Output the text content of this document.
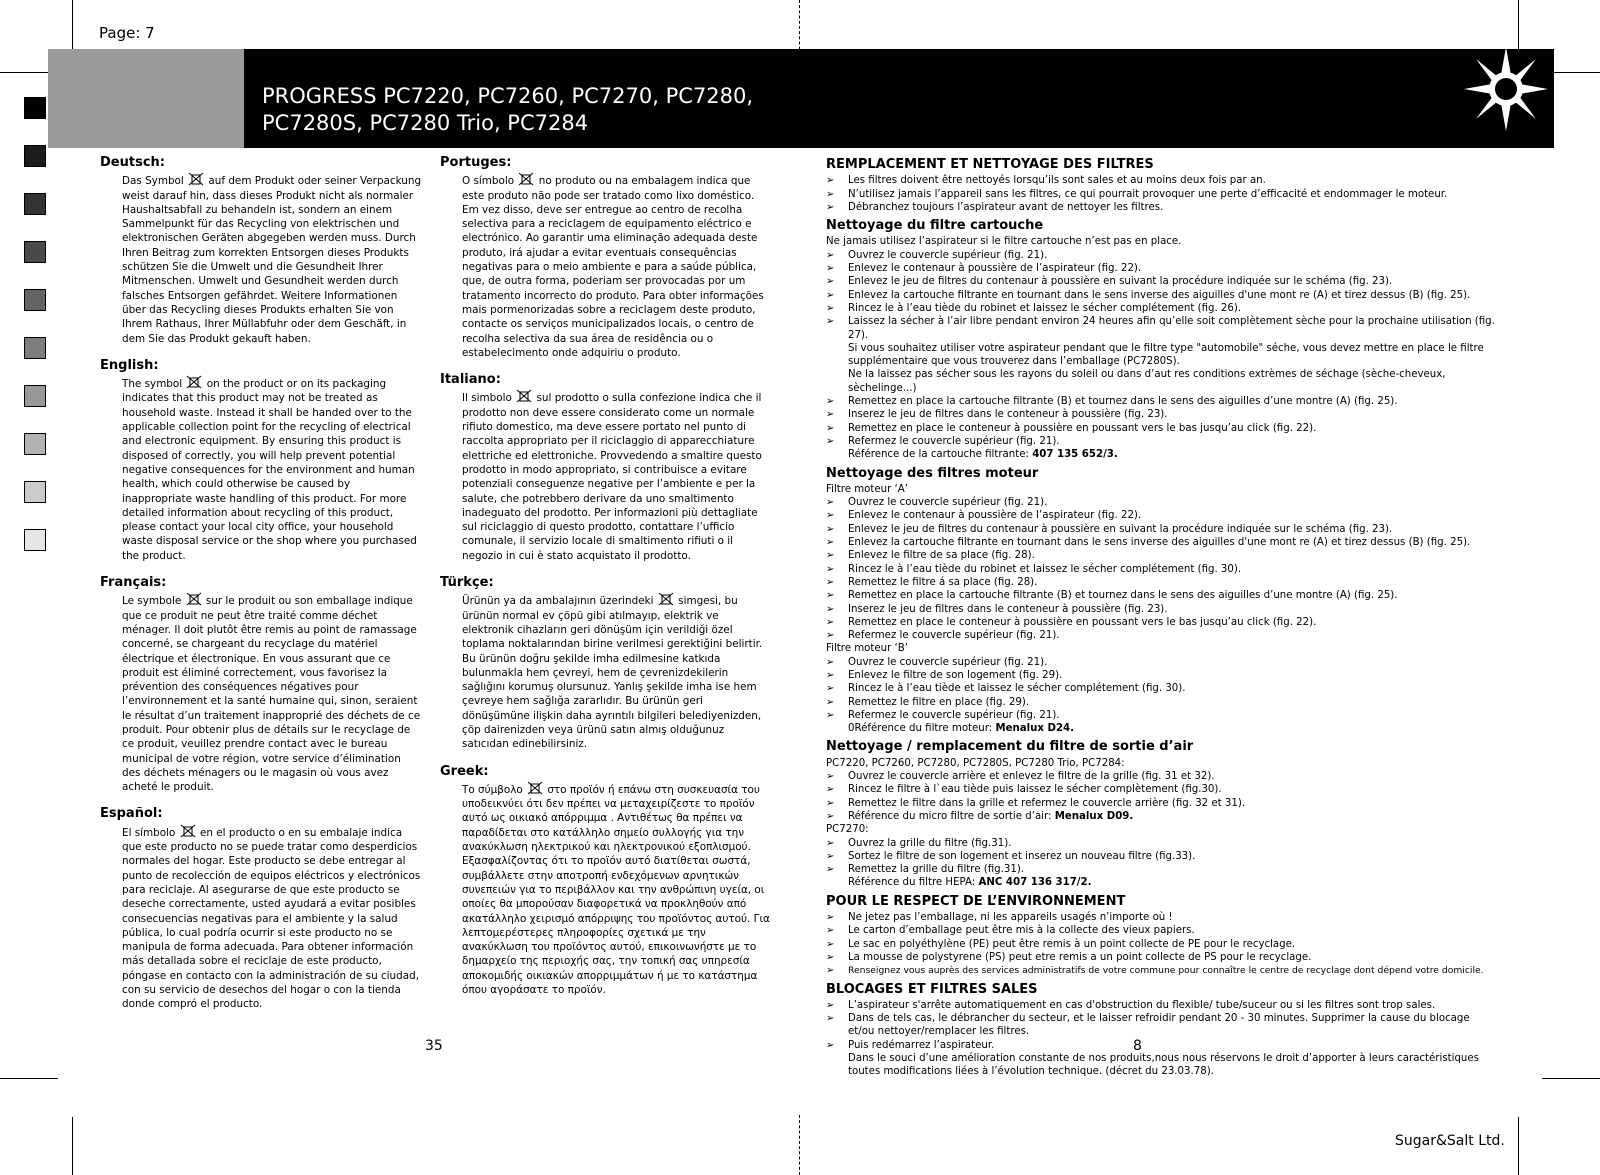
Page: 7
PROGRESS PC7220, PC7260, PC7270, PC7280,
PC7280S, PC7280 Trio, PC7284
Deutsch:

Das Symbol auf dem Produkt oder seiner Verpackung weist darauf hin, dass dieses Produkt nicht als normaler Haushaltsabfall zu behandeln ist, sondern an einem Sammelpunkt für das Recycling von elektrischen und elektronischen Geräten abgegeben werden muss. Durch Ihren Beitrag zum korrekten Entsorgen dieses Produkts schützen Sie die Umwelt und die Gesundheit Ihrer Mitmenschen. Umwelt und Gesundheit werden durch falsches Entsorgen gefährdet. Weitere Informationen über das Recycling dieses Produkts erhalten Sie von Ihrem Rathaus, Ihrer Müllabfuhr oder dem Geschäft, in dem Sie das Produkt gekauft haben.

English:

The symbol on the product or on its packaging indicates that this product may not be treated as household waste. Instead it shall be handed over to the applicable collection point for the recycling of electrical and electronic equipment. By ensuring this product is disposed of correctly, you will help prevent potential negative consequences for the environment and human health, which could otherwise be caused by inappropriate waste handling of this product. For more detailed information about recycling of this product, please contact your local city office, your household waste disposal service or the shop where you purchased the product.

Français:

Le symbole sur le produit ou son emballage indique que ce produit ne peut être traité comme déchet ménager. Il doit plutôt être remis au point de ramassage concerné, se chargeant du recyclage du matériel électrique et électronique. En vous assurant que ce produit est éliminé correctement, vous favorisez la prévention des conséquences négatives pour l’environnement et la santé humaine qui, sinon, seraient le résultat d’un traitement inapproprié des déchets de ce produit. Pour obtenir plus de détails sur le recyclage de ce produit, veuillez prendre contact avec le bureau municipal de votre région, votre service d’élimination des déchets ménagers ou le magasin où vous avez acheté le produit.

Español:

El símbolo en el producto o en su embalaje indica que este producto no se puede tratar como desperdicios normales del hogar. Este producto se debe entregar al punto de recolección de equipos eléctricos y electrónicos para reciclaje. Al asegurarse de que este producto se deseche correctamente, usted ayudará a evitar posibles consecuencias negativas para el ambiente y la salud pública, lo cual podría ocurrir si este producto no se manipula de forma adecuada. Para obtener información más detallada sobre el reciclaje de este producto, póngase en contacto con la administración de su ciudad, con su servicio de desechos del hogar o con la tienda donde compró el producto.

Portuges:

O símbolo no produto ou na embalagem indica que este produto não pode ser tratado como lixo doméstico. Em vez disso, deve ser entregue ao centro de recolha selectiva para a reciclagem de equipamento eléctrico e electrónico. Ao garantir uma eliminação adequada deste produto, irá ajudar a evitar eventuais consequências negativas para o meio ambiente e para a saúde pública, que, de outra forma, poderiam ser provocadas por um tratamento incorrecto do produto. Para obter informações mais pormenorizadas sobre a reciclagem deste produto, contacte os serviços municipalizados locais, o centro de recolha selectiva da sua área de residência ou o estabelecimento onde adquiriu o produto.

Italiano:

Il simbolo sul prodotto o sulla confezione indica che il prodotto non deve essere considerato come un normale rifiuto domestico, ma deve essere portato nel punto di raccolta appropriato per il riciclaggio di apparecchiature elettriche ed elettroniche. Provvedendo a smaltire questo prodotto in modo appropriato, si contribuisce a evitare potenziali conseguenze negative per l’ambiente e per la salute, che potrebbero derivare da uno smaltimento inadeguato del prodotto. Per informazioni più dettagliate sul riciclaggio di questo prodotto, contattare l’ufficio comunale, il servizio locale di smaltimento rifiuti o il negozio in cui è stato acquistato il prodotto.

Türkçe:

Ürünün ya da ambalajının üzerindeki simgesi, bu ürünün normal ev çöpü gibi atılmayıp, elektrik ve elektronik cihazların geri dönüşüm için verildiği özel toplama noktalarından birine verilmesi gerektiğini belirtir. Bu ürünün doğru şekilde imha edilmesine katkıda bulunmakla hem çevreyi, hem de çevrenizdekilerin sağlığını korumuş olursunuz. Yanlış şekilde imha ise hem çevreye hem sağlığa zararlıdır. Bu ürünün geri dönüşümüne ilişkin daha ayrıntılı bilgileri belediyenizden, çöp dairenizden veya ürünü satın almış olduğunuz satıcıdan edinebilirsiniz.

Greek:

Το σύμβολο στο προϊόν ή επάνω στη συσκευασία του υποδεικνύει ότι δεν πρέπει να μεταχειρίζεστε το προϊόν αυτό ως οικιακό απόρριμμα . Αντιθέτως θα πρέπει να παραδίδεται στο κατάλληλο σημείο συλλογής για την ανακύκλωση ηλεκτρικού και ηλεκτρονικού εξοπλισμού. Εξασφαλίζοντας ότι το προϊόν αυτό διατίθεται σωστά, συμβάλλετε στην αποτροπή ενδεχόμενων αρνητικών συνεπειών για το περιβάλλον και την ανθρώπινη υγεία, οι οποίες θα μπορούσαν διαφορετικά να προκληθούν από ακατάλληλο χειρισμό απόρριψης του προϊόντος αυτού. Για λεπτομερέστερες πληροφορίες σχετικά με την ανακύκλωση του προϊόντος αυτού, επικοινωνήστε με το δημαρχείο της περιοχής σας, την τοπική σας υπηρεσία αποκομιδής οικιακών απορριμμάτων ή με το κατάστημα όπου αγοράσατε το προϊόν.

REMPLACEMENT ET NETTOYAGE DES FILTRES

➢ Les filtres doivent être nettoyés lorsqu’ils sont sales et au moins deux fois par an.

➢ N’utilisez jamais l’appareil sans les filtres, ce qui pourrait provoquer une perte d’efficacité et endommager le moteur.

➢ Débranchez toujours l’aspirateur avant de nettoyer les filtres.

Nettoyage du filtre cartouche

Ne jamais utilisez l’aspirateur si le filtre cartouche n’est pas en place.

➢ Ouvrez le couvercle supérieur (fig. 21).

➢ Enlevez le contenaur à poussière de l’aspirateur (fig. 22).

➢ Enlevez le jeu de filtres du contenaur à poussière en suivant la procédure indiquée sur le schéma (fig. 23).

➢ Enlevez la cartouche filtrante en tournant dans le sens inverse des aiguilles d'une mont re (A) et tirez dessus (B) (fig. 25).

➢ Rincez le à l’eau tiède du robinet et laissez le sécher complétement (fig. 26).

➢ Laissez la sécher à l’air libre pendant environ 24 heures afin qu’elle soit complètement sèche pour la prochaine utilisation (fig. 27).

Si vous souhaitez utiliser votre aspirateur pendant que le filtre type "automobile" séche, vous devez mettre en place le filtre

supplémentaire que vous trouverez dans l’emballage (PC7280S).

Ne la laissez pas sécher sous les rayons du soleil ou dans d’aut res conditions extrèmes de séchage (sèche-cheveux,

sèchelinge...)

➢ Remettez en place la cartouche filtrante (B) et tournez dans le sens des aiguilles d’une montre (A) (fig. 25).

➢ Inserez le jeu de filtres dans le conteneur à poussière (fig. 23).

➢ Remettez en place le conteneur à poussière en poussant vers le bas jusqu’au click (fig. 22).

➢ Refermez le couvercle supérieur (fig. 21).

Référence de la cartouche filtrante: 407 135 652/3.

Nettoyage des filtres moteur

Filtre moteur ‘A’

➢ Ouvrez le couvercle supérieur (fig. 21).

➢ Enlevez le contenaur à poussière de l’aspirateur (fig. 22).

➢ Enlevez le jeu de filtres du contenaur à poussière en suivant la procédure indiquée sur le schéma (fig. 23).

➢ Enlevez la cartouche filtrante en tournant dans le sens inverse des aiguilles d'une mont re (A) et tirez dessus (B) (fig. 25).

➢ Enlevez le filtre de sa place (fig. 28).

➢ Rincez le à l’eau tiède du robinet et laissez le sécher complétement (fig. 30).

➢ Remettez le filtre á sa place (fig. 28).

➢ Remettez en place la cartouche filtrante (B) et tournez dans le sens des aiguilles d’une montre (A) (fig. 25).

➢ Inserez le jeu de filtres dans le conteneur à poussière (fig. 23).

➢ Remettez en place le conteneur à poussière en poussant vers le bas jusqu’au click (fig. 22).

➢ Refermez le couvercle supérieur (fig. 21).

Filtre moteur ‘B’

➢ Ouvrez le couvercle supérieur (fig. 21).

➢ Enlevez le filtre de son logement (fig. 29).

➢ Rincez le à l’eau tiède et laissez le sécher complétement (fig. 30).

➢ Remettez le filtre en place (fig. 29).

➢ Refermez le couvercle supérieur (fig. 21).

0Référence du filtre moteur: Menalux D24.

Nettoyage / remplacement du filtre de sortie d’air

PC7220, PC7260, PC7280, PC7280S, PC7280 Trio, PC7284:

➢ Ouvrez le couvercle arrière et enlevez le filtre de la grille (fig. 31 et 32).

➢ Rincez le filtre à l`eau tiède puis laissez le sécher complètement (fig.30).

➢ Remettez le filtre dans la grille et refermez le couvercle arrière (fig. 32 et 31).

➢ Référence du micro filtre de sortie d’air: Menalux D09.

PC7270:

➢ Ouvrez la grille du filtre (fig.31).

➢ Sortez le filtre de son logement et inserez un nouveau filtre (fig.33).

➢ Remettez la grille du filtre (fig.31).

Référence du filtre HEPA: ANC 407 136 317/2.

POUR LE RESPECT DE L’ENVIRONNEMENT

➢ Ne jetez pas l’emballage, ni les appareils usagés n’importe où !

➢ Le carton d’emballage peut être mis à la collecte des vieux papiers.

➢ Le sac en polyéthylène (PE) peut être remis à un point collecte de PE pour le recyclage.

➢ La mousse de polystyrene (PS) peut etre remis a un point collecte de PS pour le recyclage.

➢ Renseignez vous auprès des services administratifs de votre commune pour connaître le centre de recyclage dont dépend votre domicile.

BLOCAGES ET FILTRES SALES

➢ L’aspirateur s'arrête automatiquement en cas d'obstruction du flexible/ tube/suceur ou si les filtres sont trop sales.

➢ Dans de tels cas, le débrancher du secteur, et le laisser refroidir pendant 20 - 30 minutes. Supprimer la cause du blocage

et/ou nettoyer/remplacer les filtres.

➢ Puis redémarrez l’aspirateur.

Dans le souci d’une amélioration constante de nos produits,nous nous réservons le droit d’apporter à leurs caractéristiques

toutes modifications liées à l’évolution technique. (décret du 23.03.78).

35	8
Sugar&Salt Ltd.
